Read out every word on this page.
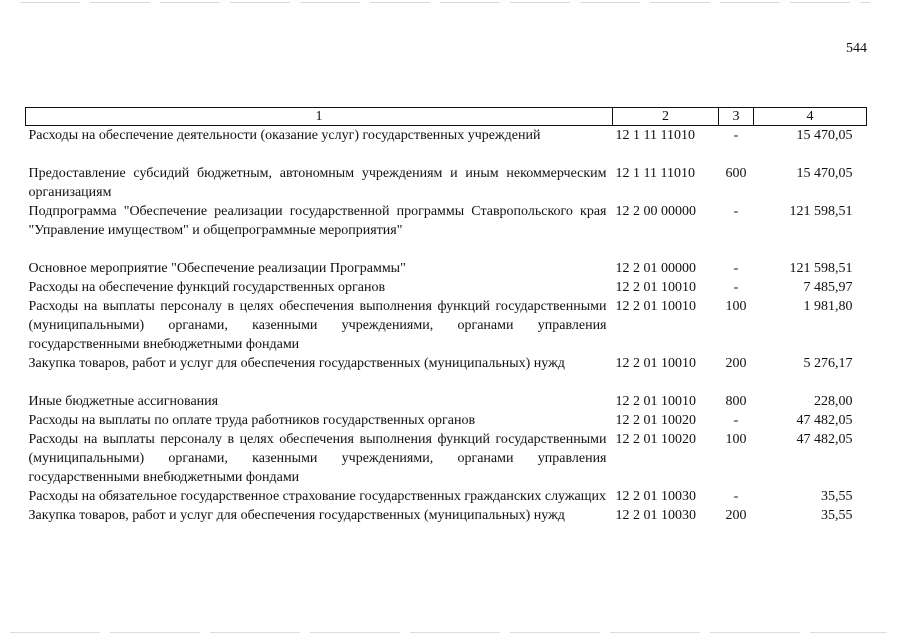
544
1	2	3	4
Расходы на обеспечение деятельности (оказание услуг) государственных учреждений	12 1 11 11010	-	15 470,05
Предоставление субсидий бюджетным, автономным учреждениям и иным некоммерческим организациям	12 1 11 11010	600	15 470,05
Подпрограмма "Обеспечение реализации государственной программы Ставропольского края "Управление имуществом" и общепрограммные мероприятия"	12 2 00 00000	-	121 598,51
Основное мероприятие "Обеспечение реализации Программы"	12 2 01 00000	-	121 598,51
Расходы на обеспечение функций государственных органов	12 2 01 10010	-	7 485,97
Расходы на выплаты персоналу в целях обеспечения выполнения функций государственными (муниципальными) органами, казенными учреждениями, органами управления государственными внебюджетными фондами	12 2 01 10010	100	1 981,80
Закупка товаров, работ и услуг для обеспечения государственных (муниципальных) нужд	12 2 01 10010	200	5 276,17
Иные бюджетные ассигнования	12 2 01 10010	800	228,00
Расходы на выплаты по оплате труда работников государственных органов	12 2 01 10020	-	47 482,05
Расходы на выплаты персоналу в целях обеспечения выполнения функций государственными (муниципальными) органами, казенными учреждениями, органами управления государственными внебюджетными фондами	12 2 01 10020	100	47 482,05
Расходы на обязательное государственное страхование государственных гражданских служащих	12 2 01 10030	-	35,55
Закупка товаров, работ и услуг для обеспечения государственных (муниципальных) нужд	12 2 01 10030	200	35,55
